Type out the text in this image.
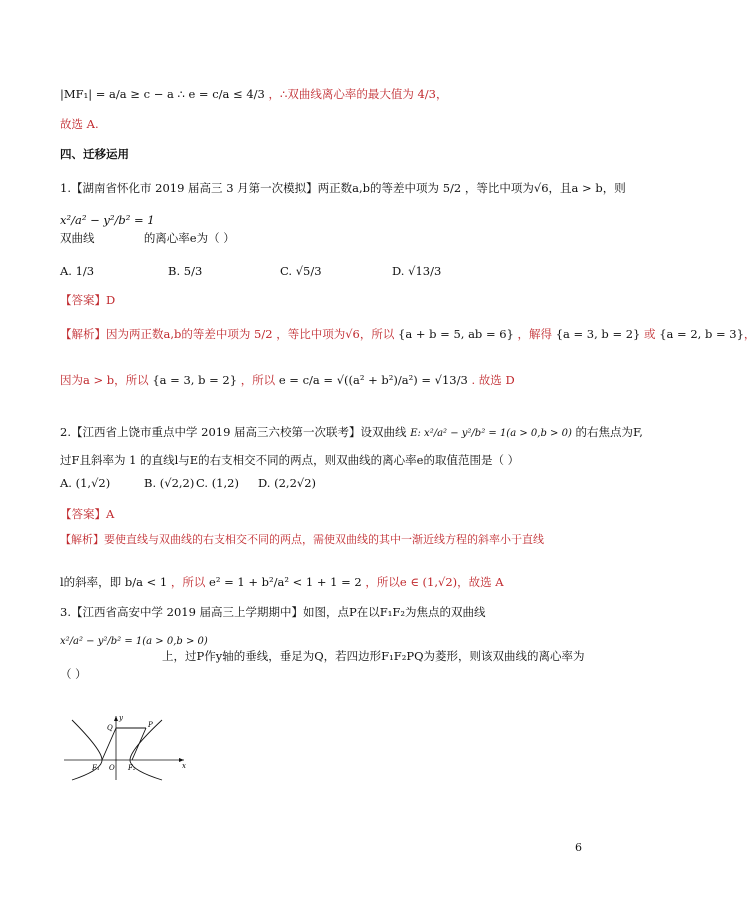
|MF₁| = a/a ≥ c − a ∴ e = c/a ≤ 4/3 ，∴双曲线离心率的最大值为 4/3，
故选 A.
四、迁移运用
1.【湖南省怀化市 2019 届高三 3 月第一次模拟】两正数a,b的等差中项为 5/2 ，等比中项为√6，且a > b，则
x²/a² − y²/b² = 1
双曲线	的离心率e为（ ）
A. 1/3	B. 5/3	C. √5/3	D. √13/3
【答案】D
【解析】因为两正数a,b的等差中项为 5/2 ，等比中项为√6，所以 {a + b = 5, ab = 6} ，解得 {a = 3, b = 2} 或 {a = 2, b = 3}，
因为a > b，所以 {a = 3, b = 2} ，所以 e = c/a = √((a² + b²)/a²) = √13/3 . 故选 D
2.【江西省上饶市重点中学 2019 届高三六校第一次联考】设双曲线 E: x²/a² − y²/b² = 1(a > 0,b > 0) 的右焦点为F,
过F且斜率为 1 的直线l与E的右支相交不同的两点，则双曲线的离心率e的取值范围是（ ）
A. (1,√2)	B. (√2,2) C. (1,2) D. (2,2√2)
【答案】A
【解析】要使直线与双曲线的右支相交不同的两点，需使双曲线的其中一渐近线方程的斜率小于直线
l的斜率，即 b/a < 1 ，所以 e² = 1 + b²/a² < 1 + 1 = 2 ，所以e ∈ (1,√2)，故选 A
3.【江西省高安中学 2019 届高三上学期期中】如图，点P在以F₁F₂为焦点的双曲线
x²/a² − y²/b² = 1(a > 0,b > 0)
上，过P作y轴的垂线，垂足为Q，若四边形F₁F₂PQ为菱形，则该双曲线的离心率为
（ ）
y
Q	P
F₁ O F₂	x
6
